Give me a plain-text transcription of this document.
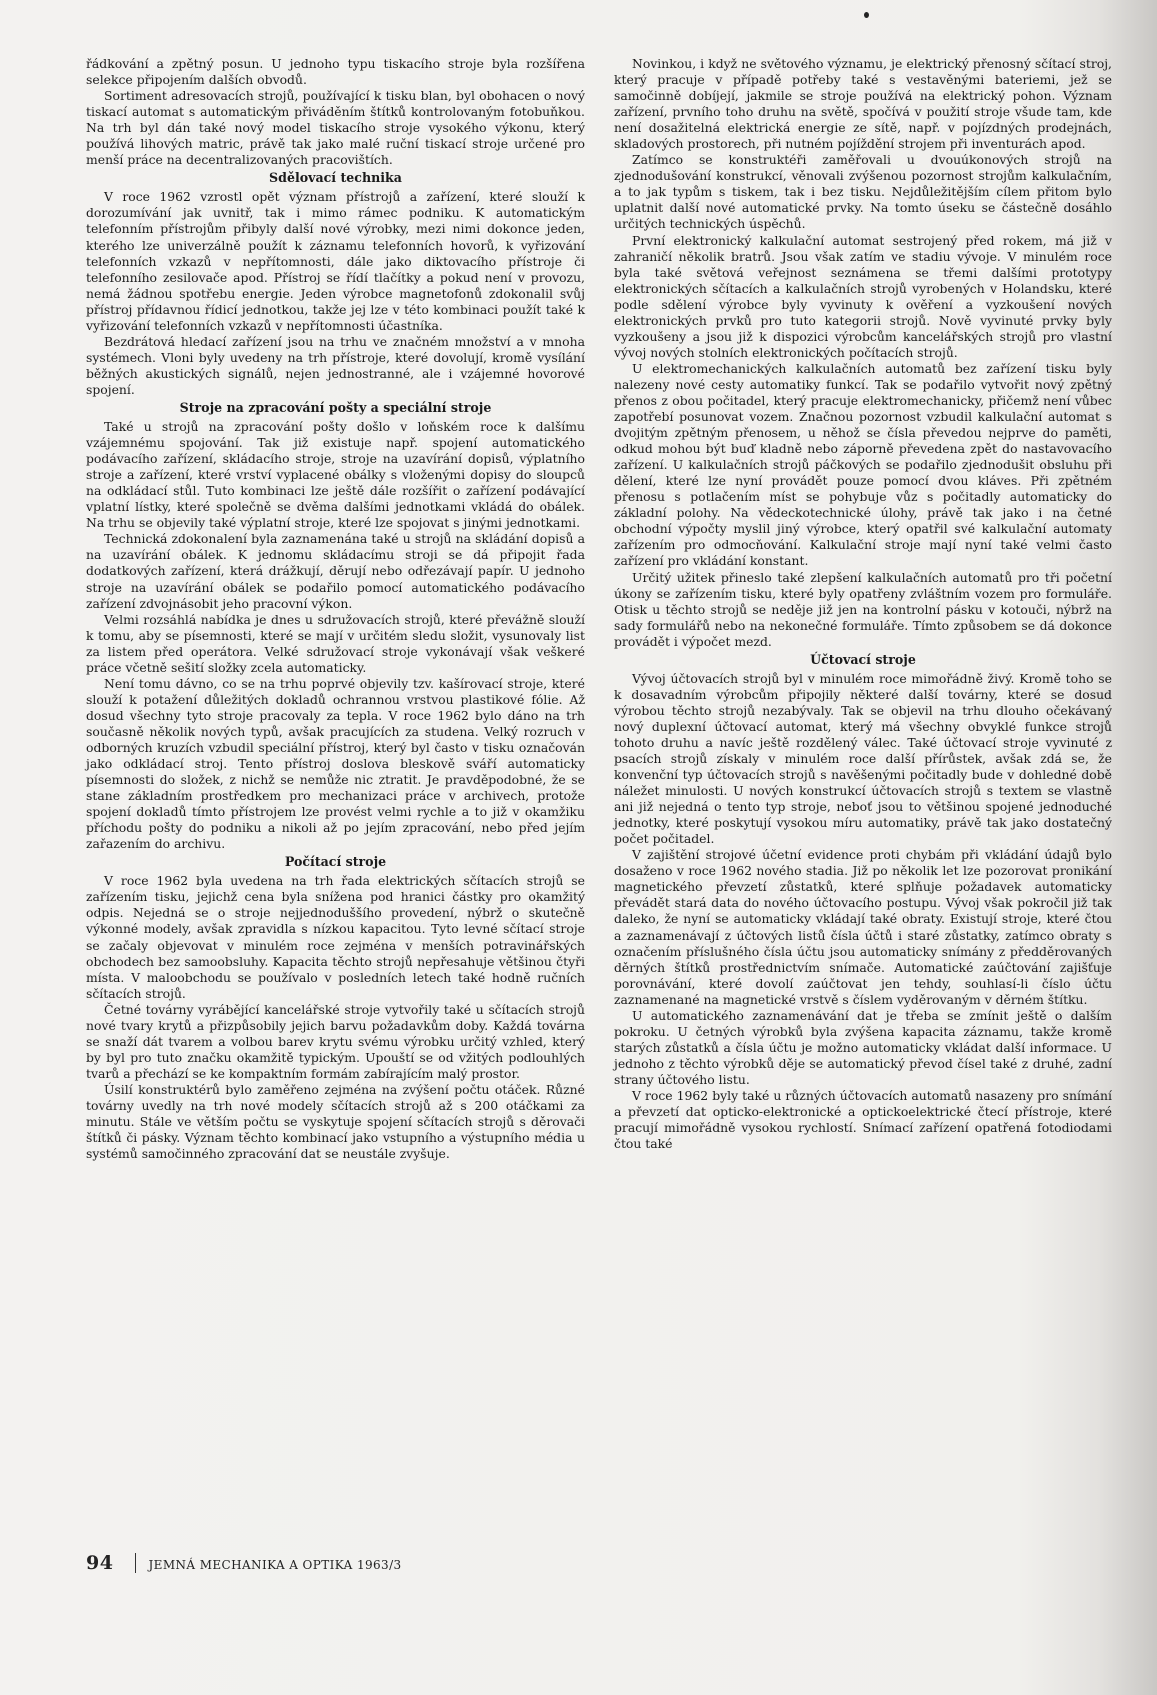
řádkování a zpětný posun. U jednoho typu tiskacího stroje byla rozšířena selekce připojením dalších obvodů.

Sortiment adresovacích strojů, používající k tisku blan, byl obohacen o nový tiskací automat s automatickým přiváděním štítků kontrolovaným fotobuňkou. Na trh byl dán také nový model tiskacího stroje vysokého výkonu, který používá lihových matric, právě tak jako malé ruční tiskací stroje určené pro menší práce na decentralizovaných pracovištích.

Sdělovací technika

V roce 1962 vzrostl opět význam přístrojů a zařízení, které slouží k dorozumívání jak uvnitř, tak i mimo rámec podniku. K automatickým telefonním přístrojům přibyly další nové výrobky, mezi nimi dokonce jeden, kterého lze univerzálně použít k záznamu telefonních hovorů, k vyřizování telefonních vzkazů v nepřítomnosti, dále jako diktovacího přístroje či telefonního zesilovače apod. Přístroj se řídí tlačítky a pokud není v provozu, nemá žádnou spotřebu energie. Jeden výrobce magnetofonů zdokonalil svůj přístroj přídavnou řídicí jednotkou, takže jej lze v této kombinaci použít také k vyřizování telefonních vzkazů v nepřítomnosti účastníka.

Bezdrátová hledací zařízení jsou na trhu ve značném množství a v mnoha systémech. Vloni byly uvedeny na trh přístroje, které dovolují, kromě vysílání běžných akustických signálů, nejen jednostranné, ale i vzájemné hovorové spojení.

Stroje na zpracování pošty a speciální stroje

Také u strojů na zpracování pošty došlo v loňském roce k dalšímu vzájemnému spojování. Tak již existuje např. spojení automatického podávacího zařízení, skládacího stroje, stroje na uzavírání dopisů, výplatního stroje a zařízení, které vrství vyplacené obálky s vloženými dopisy do sloupců na odkládací stůl. Tuto kombinaci lze ještě dále rozšířit o zařízení podávající vplatní lístky, které společně se dvěma dalšími jednotkami vkládá do obálek. Na trhu se objevily také výplatní stroje, které lze spojovat s jinými jednotkami.

Technická zdokonalení byla zaznamenána také u strojů na skládání dopisů a na uzavírání obálek. K jednomu skládacímu stroji se dá připojit řada dodatkových zařízení, která drážkují, děrují nebo odřezávají papír. U jednoho stroje na uzavírání obálek se podařilo pomocí automatického podávacího zařízení zdvojnásobit jeho pracovní výkon.

Velmi rozsáhlá nabídka je dnes u sdružovacích strojů, které převážně slouží k tomu, aby se písemnosti, které se mají v určitém sledu složit, vysunovaly list za listem před operátora. Velké sdružovací stroje vykonávají však veškeré práce včetně sešití složky zcela automaticky.

Není tomu dávno, co se na trhu poprvé objevily tzv. kašírovací stroje, které slouží k potažení důležitých dokladů ochrannou vrstvou plastikové fólie. Až dosud všechny tyto stroje pracovaly za tepla. V roce 1962 bylo dáno na trh současně několik nových typů, avšak pracujících za studena. Velký rozruch v odborných kruzích vzbudil speciální přístroj, který byl často v tisku označován jako odkládací stroj. Tento přístroj doslova bleskově sváří automaticky písemnosti do složek, z nichž se nemůže nic ztratit. Je pravděpodobné, že se stane základním prostředkem pro mechanizaci práce v archivech, protože spojení dokladů tímto přístrojem lze provést velmi rychle a to již v okamžiku příchodu pošty do podniku a nikoli až po jejím zpracování, nebo před jejím zařazením do archivu.

Počítací stroje

V roce 1962 byla uvedena na trh řada elektrických sčítacích strojů se zařízením tisku, jejichž cena byla snížena pod hranici částky pro okamžitý odpis. Nejedná se o stroje nejjednoduššího provedení, nýbrž o skutečně výkonné modely, avšak zpravidla s nízkou kapacitou. Tyto levné sčítací stroje se začaly objevovat v minulém roce zejména v menších potravinářských obchodech bez samoobsluhy. Kapacita těchto strojů nepřesahuje většinou čtyři místa. V maloobchodu se používalo v posledních letech také hodně ručních sčítacích strojů.

Četné továrny vyrábějící kancelářské stroje vytvořily také u sčítacích strojů nové tvary krytů a přizpůsobily jejich barvu požadavkům doby. Každá továrna se snaží dát tvarem a volbou barev krytu svému výrobku určitý vzhled, který by byl pro tuto značku okamžitě typickým. Upouští se od vžitých podlouhlých tvarů a přechází se ke kompaktním formám zabírajícím malý prostor.

Úsilí konstruktérů bylo zaměřeno zejména na zvýšení počtu otáček. Různé továrny uvedly na trh nové modely sčítacích strojů až s 200 otáčkami za minutu. Stále ve větším počtu se vyskytuje spojení sčítacích strojů s děrovači štítků či pásky. Význam těchto kombinací jako vstupního a výstupního média u systémů samočinného zpracování dat se neustále zvyšuje.

Novinkou, i když ne světového významu, je elektrický přenosný sčítací stroj, který pracuje v případě potřeby také s vestavěnými bateriemi, jež se samočinně dobíjejí, jakmile se stroje používá na elektrický pohon. Význam zařízení, prvního toho druhu na světě, spočívá v použití stroje všude tam, kde není dosažitelná elektrická energie ze sítě, např. v pojízdných prodejnách, skladových prostorech, při nutném pojíždění strojem při inventurách apod.

Zatímco se konstruktéři zaměřovali u dvouúkonových strojů na zjednodušování konstrukcí, věnovali zvýšenou pozornost strojům kalkulačním, a to jak typům s tiskem, tak i bez tisku. Nejdůležitějším cílem přitom bylo uplatnit další nové automatické prvky. Na tomto úseku se částečně dosáhlo určitých technických úspěchů.

První elektronický kalkulační automat sestrojený před rokem, má již v zahraničí několik bratrů. Jsou však zatím ve stadiu vývoje. V minulém roce byla také světová veřejnost seznámena se třemi dalšími prototypy elektronických sčítacích a kalkulačních strojů vyrobených v Holandsku, které podle sdělení výrobce byly vyvinuty k ověření a vyzkoušení nových elektronických prvků pro tuto kategorii strojů. Nově vyvinuté prvky byly vyzkoušeny a jsou již k dispozici výrobcům kancelářských strojů pro vlastní vývoj nových stolních elektronických počítacích strojů.

U elektromechanických kalkulačních automatů bez zařízení tisku byly nalezeny nové cesty automatiky funkcí. Tak se podařilo vytvořit nový zpětný přenos z obou počitadel, který pracuje elektromechanicky, přičemž není vůbec zapotřebí posunovat vozem. Značnou pozornost vzbudil kalkulační automat s dvojitým zpětným přenosem, u něhož se čísla převedou nejprve do paměti, odkud mohou být buď kladně nebo záporně převedena zpět do nastavovacího zařízení. U kalkulačních strojů páčkových se podařilo zjednodušit obsluhu při dělení, které lze nyní provádět pouze pomocí dvou kláves. Při zpětném přenosu s potlačením míst se pohybuje vůz s počitadly automaticky do základní polohy. Na vědeckotechnické úlohy, právě tak jako i na četné obchodní výpočty myslil jiný výrobce, který opatřil své kalkulační automaty zařízením pro odmocňování. Kalkulační stroje mají nyní také velmi často zařízení pro vkládání konstant.

Určitý užitek přineslo také zlepšení kalkulačních automatů pro tři početní úkony se zařízením tisku, které byly opatřeny zvláštním vozem pro formuláře. Otisk u těchto strojů se neděje již jen na kontrolní pásku v kotouči, nýbrž na sady formulářů nebo na nekonečné formuláře. Tímto způsobem se dá dokonce provádět i výpočet mezd.

Účtovací stroje

Vývoj účtovacích strojů byl v minulém roce mimořádně živý. Kromě toho se k dosavadním výrobcům připojily některé další továrny, které se dosud výrobou těchto strojů nezabývaly. Tak se objevil na trhu dlouho očekávaný nový duplexní účtovací automat, který má všechny obvyklé funkce strojů tohoto druhu a navíc ještě rozdělený válec. Také účtovací stroje vyvinuté z psacích strojů získaly v minulém roce další přírůstek, avšak zdá se, že konvenční typ účtovacích strojů s navěšenými počitadly bude v dohledné době náležet minulosti. U nových konstrukcí účtovacích strojů s textem se vlastně ani již nejedná o tento typ stroje, neboť jsou to většinou spojené jednoduché jednotky, které poskytují vysokou míru automatiky, právě tak jako dostatečný počet počitadel.

V zajištění strojové účetní evidence proti chybám při vkládání údajů bylo dosaženo v roce 1962 nového stadia. Již po několik let lze pozorovat pronikání magnetického převzetí zůstatků, které splňuje požadavek automaticky převádět stará data do nového účtovacího postupu. Vývoj však pokročil již tak daleko, že nyní se automaticky vkládají také obraty. Existují stroje, které čtou a zaznamenávají z účtových listů čísla účtů i staré zůstatky, zatímco obraty s označením příslušného čísla účtu jsou automaticky snímány z předděrovaných děrných štítků prostřednictvím snímače. Automatické zaúčtování zajišťuje porovnávání, které dovolí zaúčtovat jen tehdy, souhlasí-li číslo účtu zaznamenané na magnetické vrstvě s číslem vyděrovaným v děrném štítku.

U automatického zaznamenávání dat je třeba se zmínit ještě o dalším pokroku. U četných výrobků byla zvýšena kapacita záznamu, takže kromě starých zůstatků a čísla účtu je možno automaticky vkládat další informace. U jednoho z těchto výrobků děje se automatický převod čísel také z druhé, zadní strany účtového listu.

V roce 1962 byly také u různých účtovacích automatů nasazeny pro snímání a převzetí dat opticko-elektronické a optickoelektrické čtecí přístroje, které pracují mimořádně vysokou rychlostí. Snímací zařízení opatřená fotodiodami čtou také

94	JEMNÁ MECHANIKA A OPTIKA 1963/3
